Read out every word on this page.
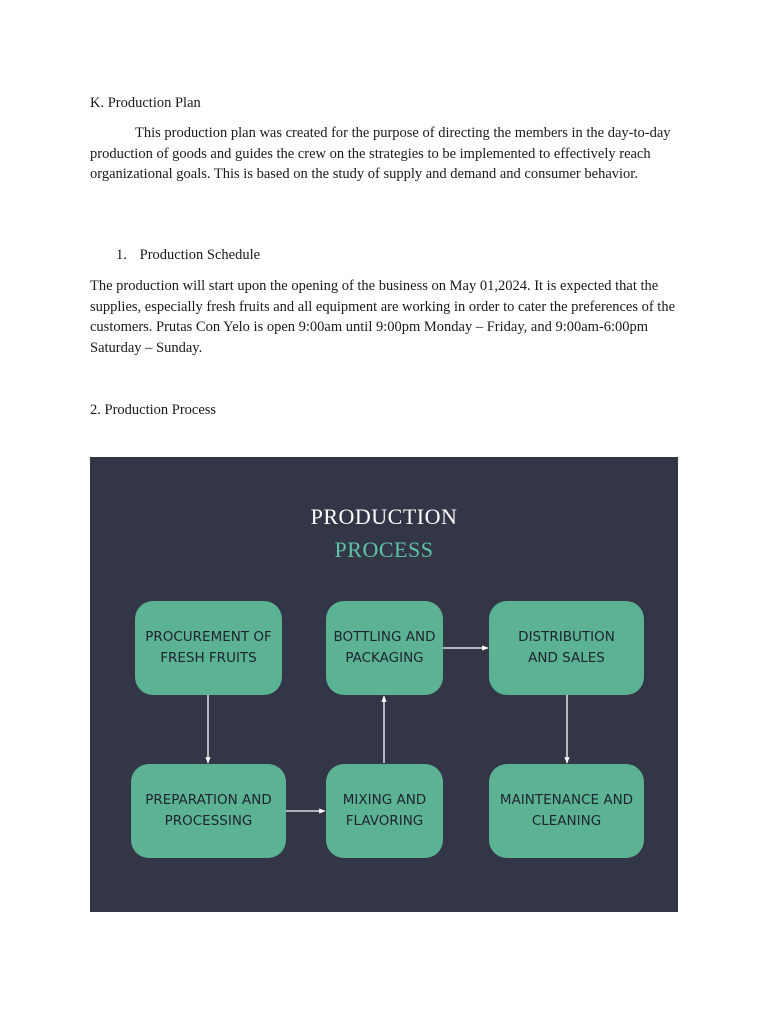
K. Production Plan

This production plan was created for the purpose of directing the members in the day-to-day production of goods and guides the crew on the strategies to be implemented to effectively reach organizational goals. This is based on the study of supply and demand and consumer behavior.

1. Production Schedule

The production will start upon the opening of the business on May 01,2024. It is expected that the supplies, especially fresh fruits and all equipment are working in order to cater the preferences of the customers. Prutas Con Yelo is open 9:00am until 9:00pm Monday – Friday, and 9:00am-6:00pm Saturday – Sunday.

2. Production Process
PROCUREMENT OF
FRESH FRUITS
BOTTLING AND
PACKAGING
DISTRIBUTION
AND SALES
PREPARATION AND
PROCESSING
MIXING AND
FLAVORING
MAINTENANCE AND
CLEANING
PRODUCTION
PROCESS
